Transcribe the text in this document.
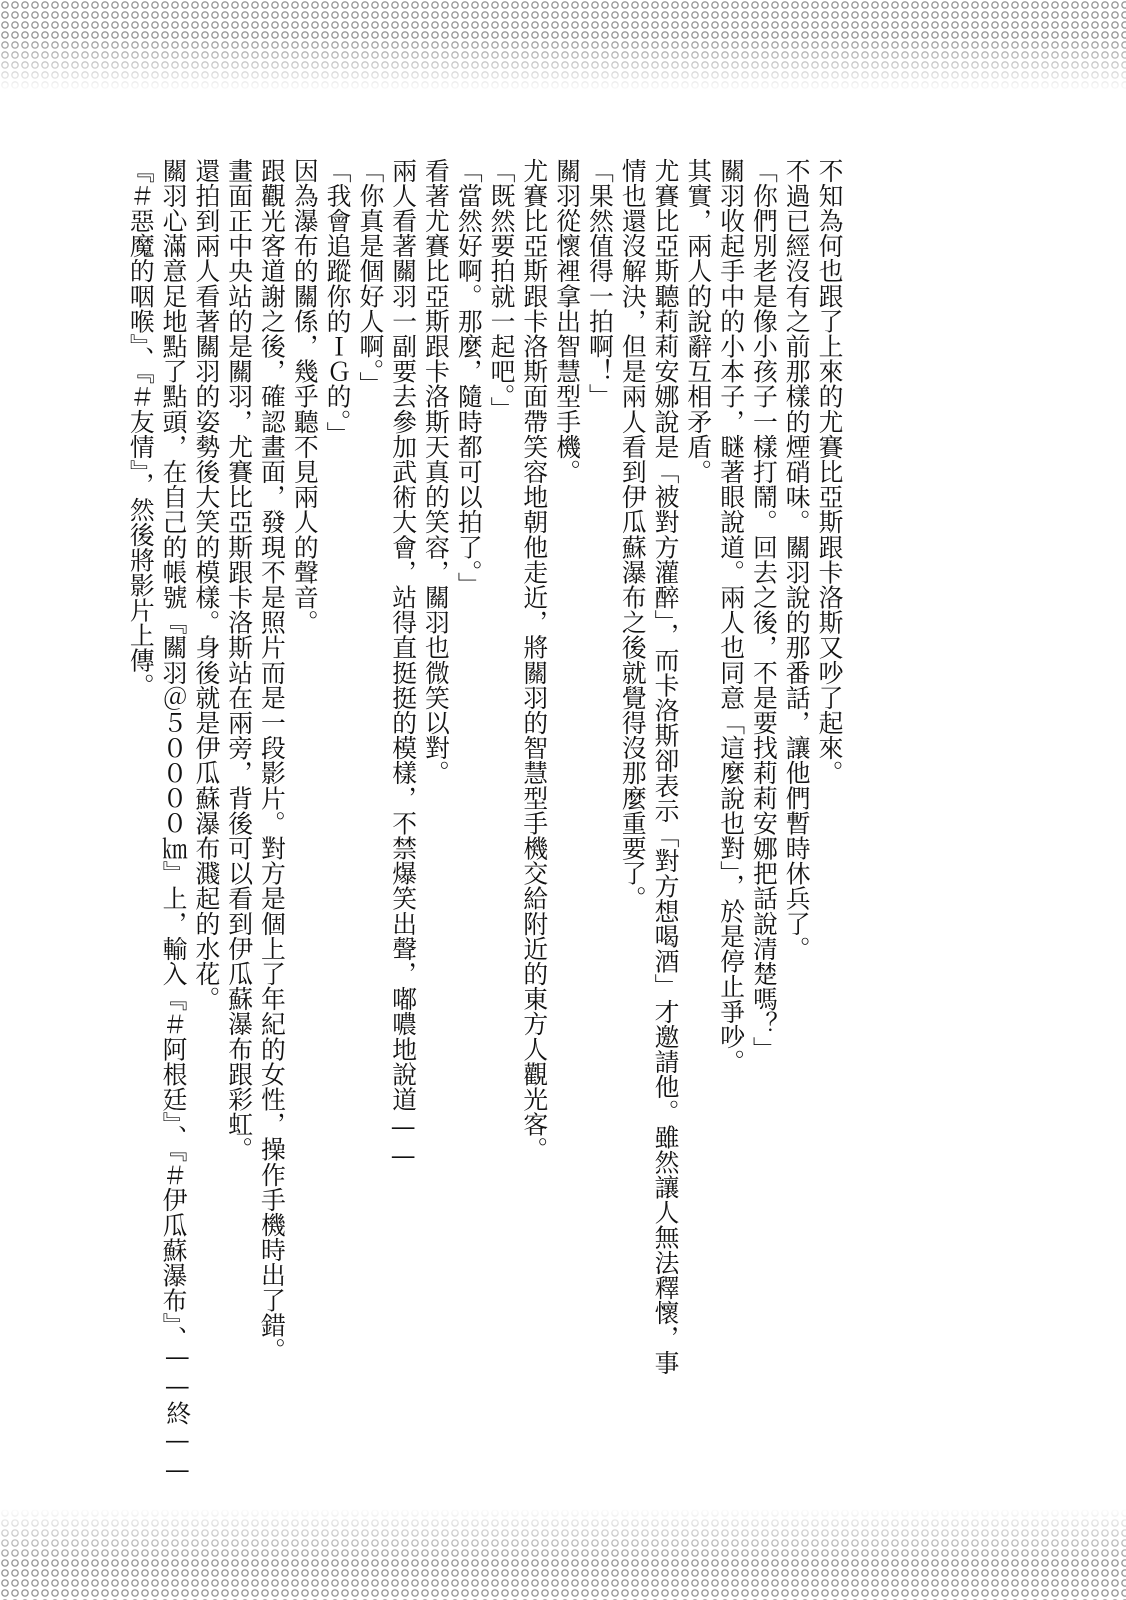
不知為何也跟了上來的尤賽比亞斯跟卡洛斯又吵了起來。

不過已經沒有之前那樣的煙硝味。關羽說的那番話，讓他們暫時休兵了。

「你們別老是像小孩子一樣打鬧。回去之後，不是要找莉莉安娜把話說清楚嗎？」

關羽收起手中的小本子，瞇著眼說道。兩人也同意「這麼說也對」，於是停止爭吵。

其實，兩人的說辭互相矛盾。

尤賽比亞斯聽莉莉安娜說是「被對方灌醉」，而卡洛斯卻表示「對方想喝酒」才邀請他。雖然讓人無法釋懷，事

情也還沒解決，但是兩人看到伊瓜蘇瀑布之後就覺得沒那麼重要了。

「果然值得一拍啊！」

關羽從懷裡拿出智慧型手機。

尤賽比亞斯跟卡洛斯面帶笑容地朝他走近，將關羽的智慧型手機交給附近的東方人觀光客。

「既然要拍就一起吧。」

「當然好啊。那麼，隨時都可以拍了。」

看著尤賽比亞斯跟卡洛斯天真的笑容，關羽也微笑以對。

兩人看著關羽一副要去參加武術大會，站得直挺挺的模樣，不禁爆笑出聲，嘟噥地說道——

「你真是個好人啊。」

「我會追蹤你的ＩＧ的。」

因為瀑布的關係，幾乎聽不見兩人的聲音。

跟觀光客道謝之後，確認畫面，發現不是照片而是一段影片。對方是個上了年紀的女性，操作手機時出了錯。

畫面正中央站的是關羽，尤賽比亞斯跟卡洛斯站在兩旁，背後可以看到伊瓜蘇瀑布跟彩虹。

還拍到兩人看著關羽的姿勢後大笑的模樣。身後就是伊瓜蘇瀑布濺起的水花。

關羽心滿意足地點了點頭，在自己的帳號『關羽＠５００００㎞』上，輸入『＃阿根廷』、『＃伊瓜蘇瀑布』、

『＃惡魔的咽喉』、『＃友情』，然後將影片上傳。

——終——
